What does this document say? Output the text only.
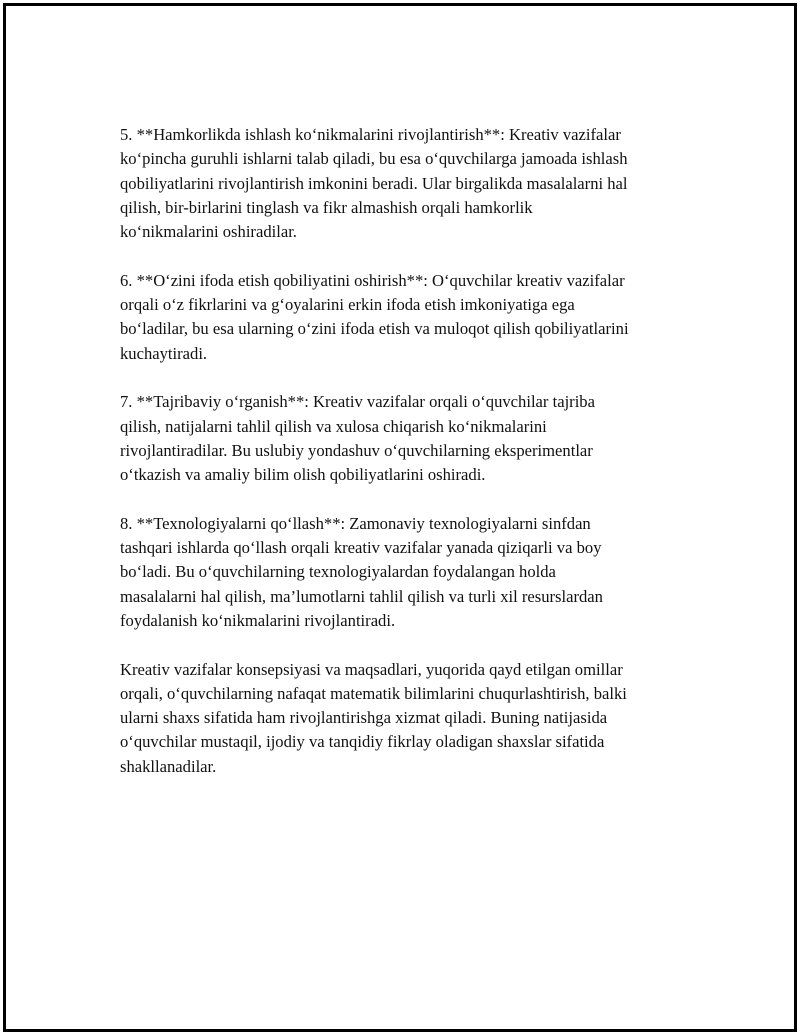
5. **Hamkorlikda ishlash ko‘nikmalarini rivojlantirish**: Kreativ vazifalar
ko‘pincha guruhli ishlarni talab qiladi, bu esa o‘quvchilarga jamoada ishlash
qobiliyatlarini rivojlantirish imkonini beradi. Ular birgalikda masalalarni hal
qilish, bir-birlarini tinglash va fikr almashish orqali hamkorlik
ko‘nikmalarini oshiradilar.

6. **O‘zini ifoda etish qobiliyatini oshirish**: O‘quvchilar kreativ vazifalar
orqali o‘z fikrlarini va g‘oyalarini erkin ifoda etish imkoniyatiga ega
bo‘ladilar, bu esa ularning o‘zini ifoda etish va muloqot qilish qobiliyatlarini
kuchaytiradi.

7. **Tajribaviy o‘rganish**: Kreativ vazifalar orqali o‘quvchilar tajriba
qilish, natijalarni tahlil qilish va xulosa chiqarish ko‘nikmalarini
rivojlantiradilar. Bu uslubiy yondashuv o‘quvchilarning eksperimentlar
o‘tkazish va amaliy bilim olish qobiliyatlarini oshiradi.

8. **Texnologiyalarni qo‘llash**: Zamonaviy texnologiyalarni sinfdan
tashqari ishlarda qo‘llash orqali kreativ vazifalar yanada qiziqarli va boy
bo‘ladi. Bu o‘quvchilarning texnologiyalardan foydalangan holda
masalalarni hal qilish, ma’lumotlarni tahlil qilish va turli xil resurslardan
foydalanish ko‘nikmalarini rivojlantiradi.

Kreativ vazifalar konsepsiyasi va maqsadlari, yuqorida qayd etilgan omillar
orqali, o‘quvchilarning nafaqat matematik bilimlarini chuqurlashtirish, balki
ularni shaxs sifatida ham rivojlantirishga xizmat qiladi. Buning natijasida
o‘quvchilar mustaqil, ijodiy va tanqidiy fikrlay oladigan shaxslar sifatida
shakllanadilar.
